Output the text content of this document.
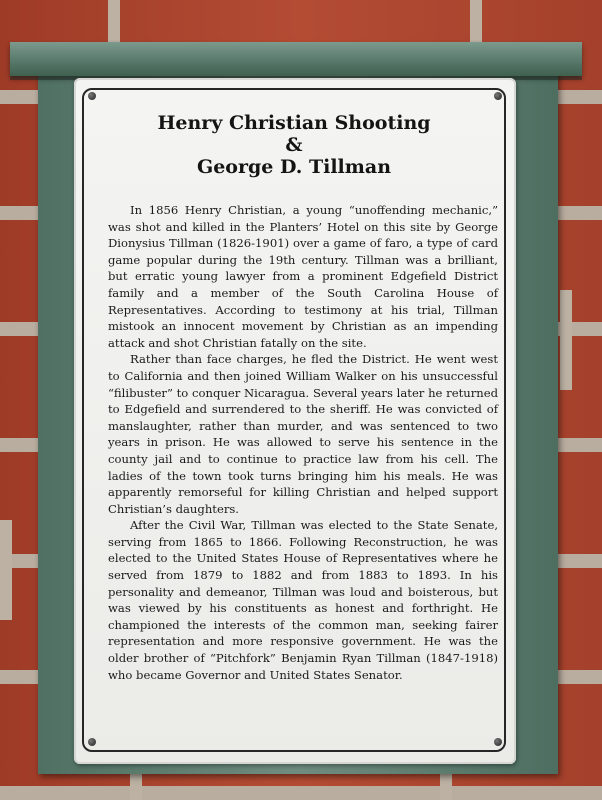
Henry Christian Shooting
&
George D. Tillman

In 1856 Henry Christian, a young “unoffending mechanic,” was shot and killed in the Planters’ Hotel on this site by George Dionysius Tillman (1826-1901) over a game of faro, a type of card game popular during the 19th century. Tillman was a brilliant, but erratic young lawyer from a prominent Edgefield District family and a member of the South Carolina House of Representatives. According to testimony at his trial, Tillman mistook an innocent movement by Christian as an impending attack and shot Christian fatally on the site.

Rather than face charges, he fled the District. He went west to California and then joined William Walker on his unsuccessful “filibuster” to conquer Nicaragua. Several years later he returned to Edgefield and surrendered to the sheriff. He was convicted of manslaughter, rather than murder, and was sentenced to two years in prison. He was allowed to serve his sentence in the county jail and to continue to practice law from his cell. The ladies of the town took turns bringing him his meals. He was apparently remorseful for killing Christian and helped support Christian’s daughters.

After the Civil War, Tillman was elected to the State Senate, serving from 1865 to 1866. Following Reconstruction, he was elected to the United States House of Representatives where he served from 1879 to 1882 and from 1883 to 1893. In his personality and demeanor, Tillman was loud and boisterous, but was viewed by his constituents as honest and forthright. He championed the interests of the common man, seeking fairer representation and more responsive government. He was the older brother of “Pitchfork” Benjamin Ryan Tillman (1847-1918) who became Governor and United States Senator.
